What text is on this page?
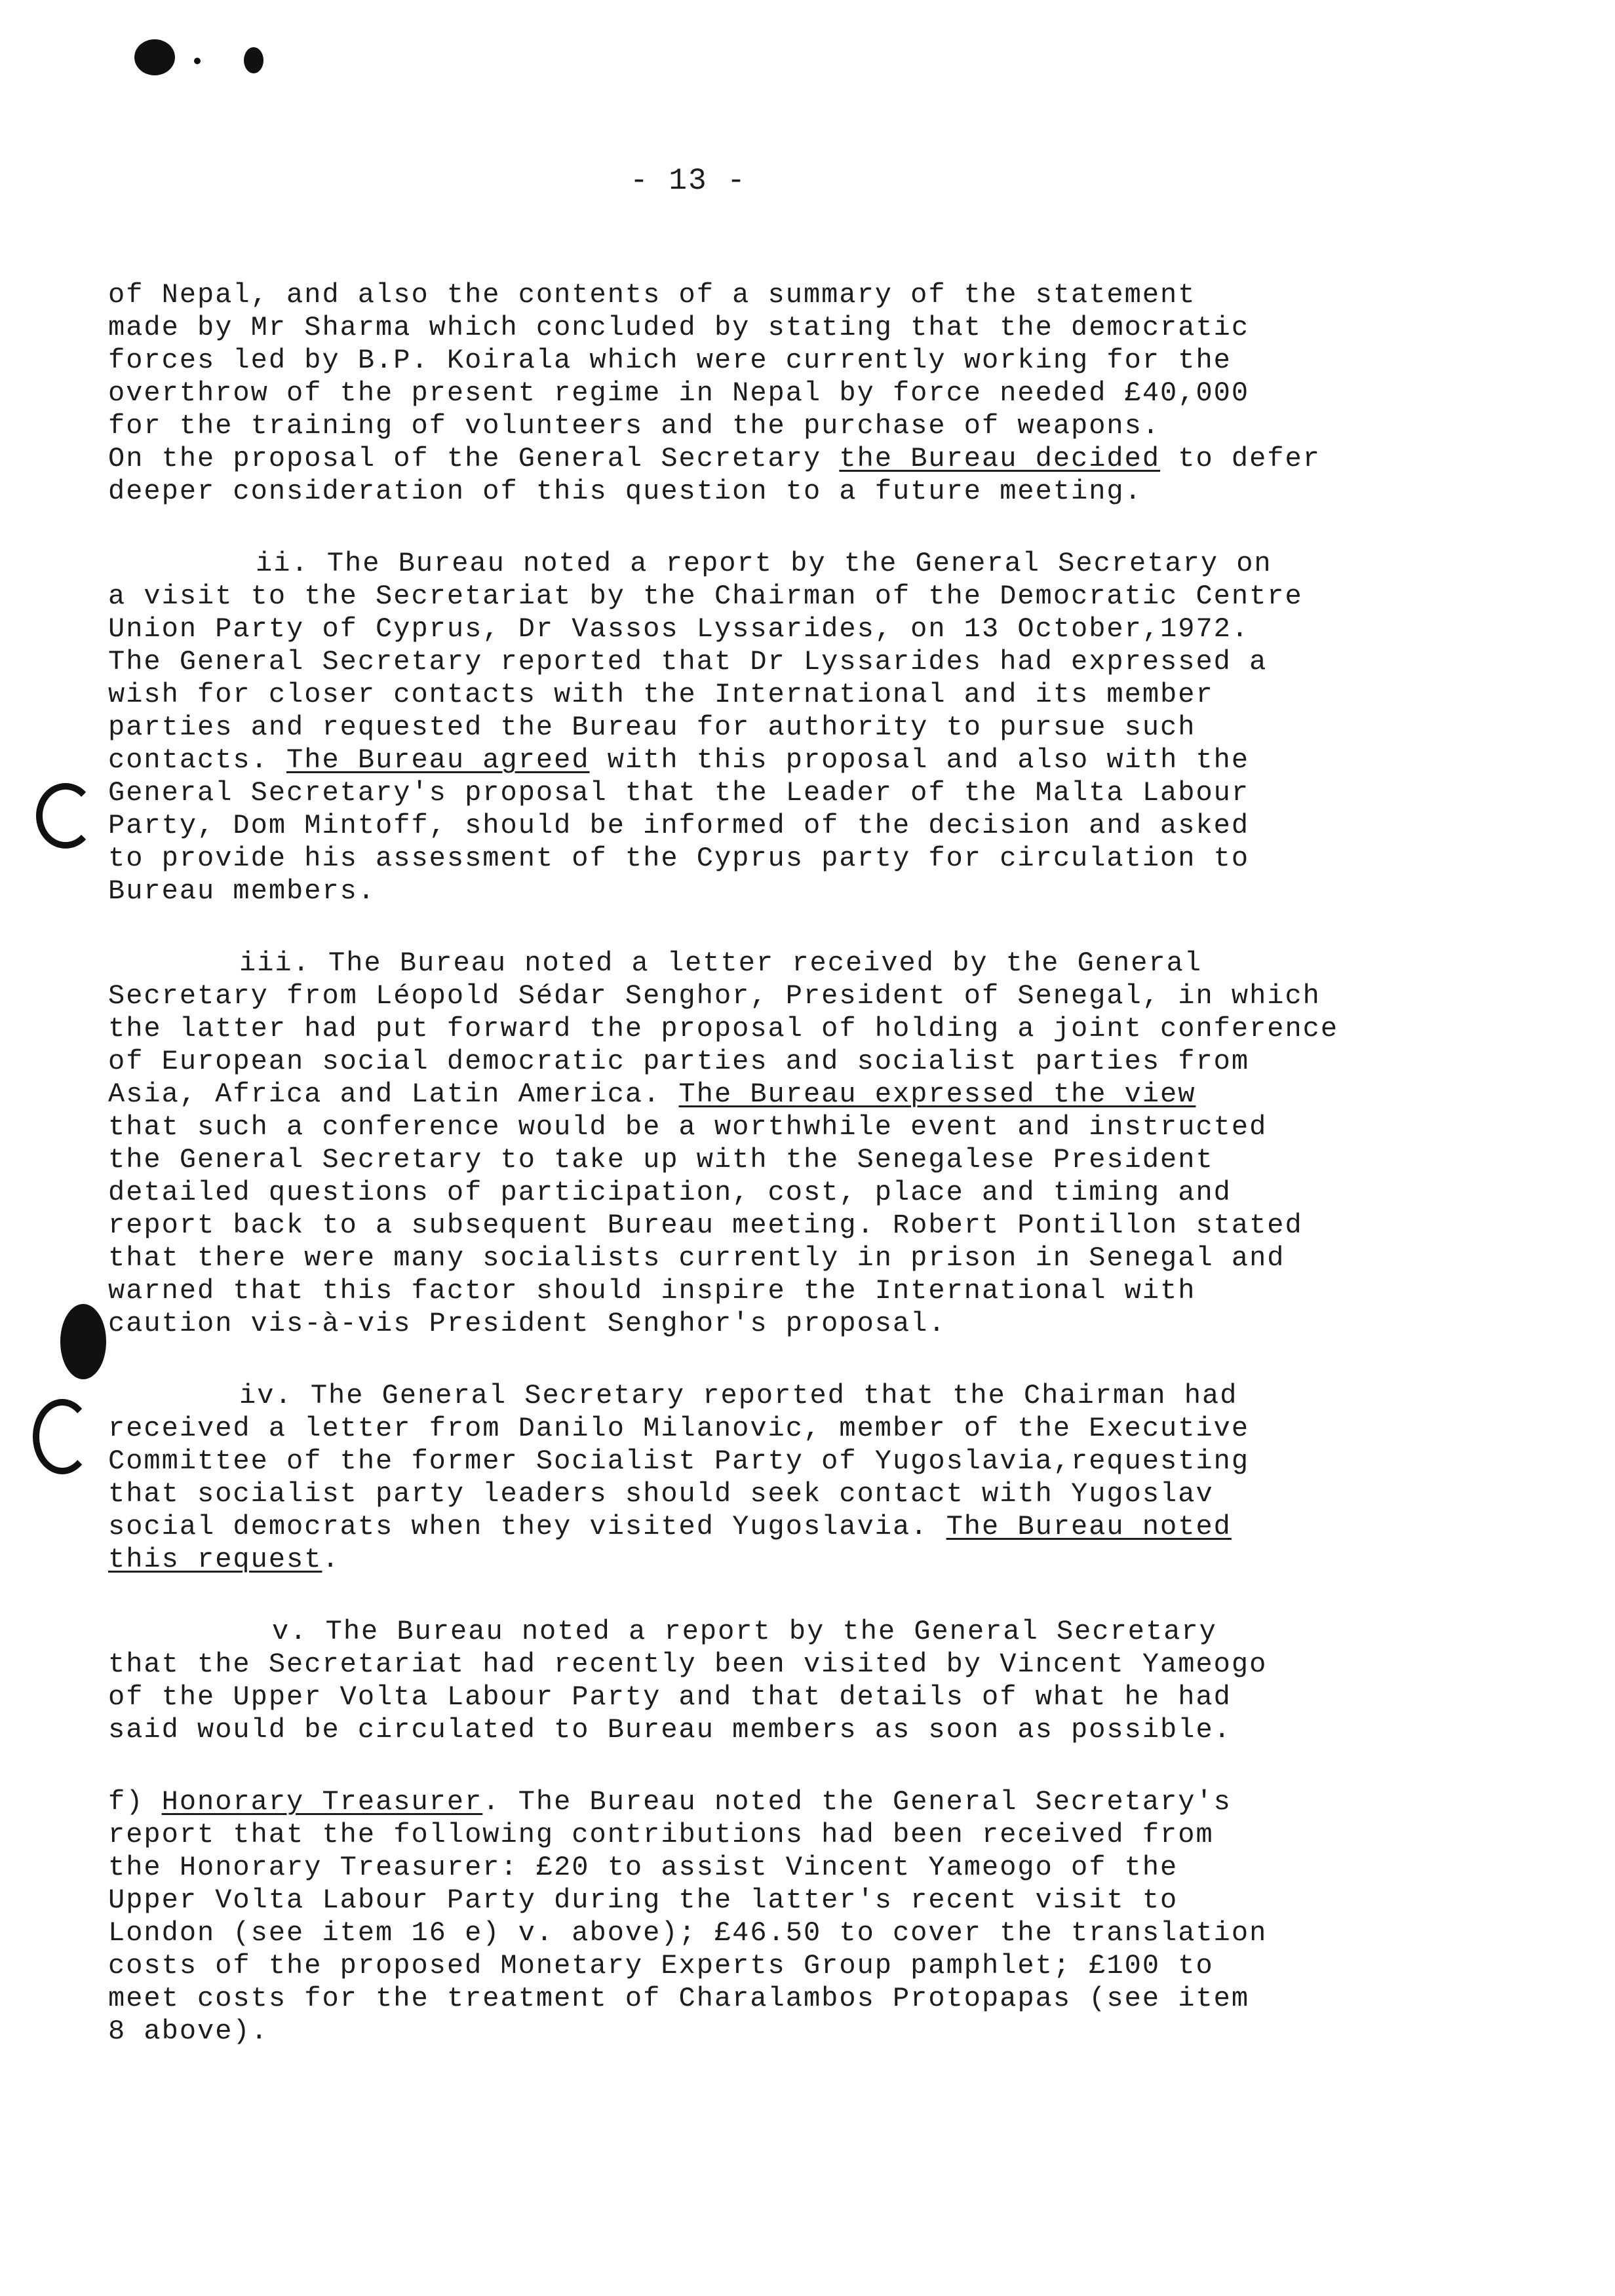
- 13 -
of Nepal, and also the contents of a summary of the statement
made by Mr Sharma which concluded by stating that the democratic
forces led by B.P. Koirala which were currently working for the
overthrow of the present regime in Nepal by force needed £40,000
for the training of volunteers and the purchase of weapons.
On the proposal of the General Secretary the Bureau decided to defer
deeper consideration of this question to a future meeting.
ii. The Bureau noted a report by the General Secretary on
a visit to the Secretariat by the Chairman of the Democratic Centre
Union Party of Cyprus, Dr Vassos Lyssarides, on 13 October,1972.
The General Secretary reported that Dr Lyssarides had expressed a
wish for closer contacts with the International and its member
parties and requested the Bureau for authority to pursue such
contacts. The Bureau agreed with this proposal and also with the
General Secretary's proposal that the Leader of the Malta Labour
Party, Dom Mintoff, should be informed of the decision and asked
to provide his assessment of the Cyprus party for circulation to
Bureau members.
iii. The Bureau noted a letter received by the General
Secretary from Léopold Sédar Senghor, President of Senegal, in which
the latter had put forward the proposal of holding a joint conference
of European social democratic parties and socialist parties from
Asia, Africa and Latin America. The Bureau expressed the view
that such a conference would be a worthwhile event and instructed
the General Secretary to take up with the Senegalese President
detailed questions of participation, cost, place and timing and
report back to a subsequent Bureau meeting. Robert Pontillon stated
that there were many socialists currently in prison in Senegal and
warned that this factor should inspire the International with
caution vis-à-vis President Senghor's proposal.
iv. The General Secretary reported that the Chairman had
received a letter from Danilo Milanovic, member of the Executive
Committee of the former Socialist Party of Yugoslavia,requesting
that socialist party leaders should seek contact with Yugoslav
social democrats when they visited Yugoslavia. The Bureau noted
this request.
v. The Bureau noted a report by the General Secretary
that the Secretariat had recently been visited by Vincent Yameogo
of the Upper Volta Labour Party and that details of what he had
said would be circulated to Bureau members as soon as possible.
f) Honorary Treasurer. The Bureau noted the General Secretary's
report that the following contributions had been received from
the Honorary Treasurer: £20 to assist Vincent Yameogo of the
Upper Volta Labour Party during the latter's recent visit to
London (see item 16 e) v. above); £46.50 to cover the translation
costs of the proposed Monetary Experts Group pamphlet; £100 to
meet costs for the treatment of Charalambos Protopapas (see item
8 above).
